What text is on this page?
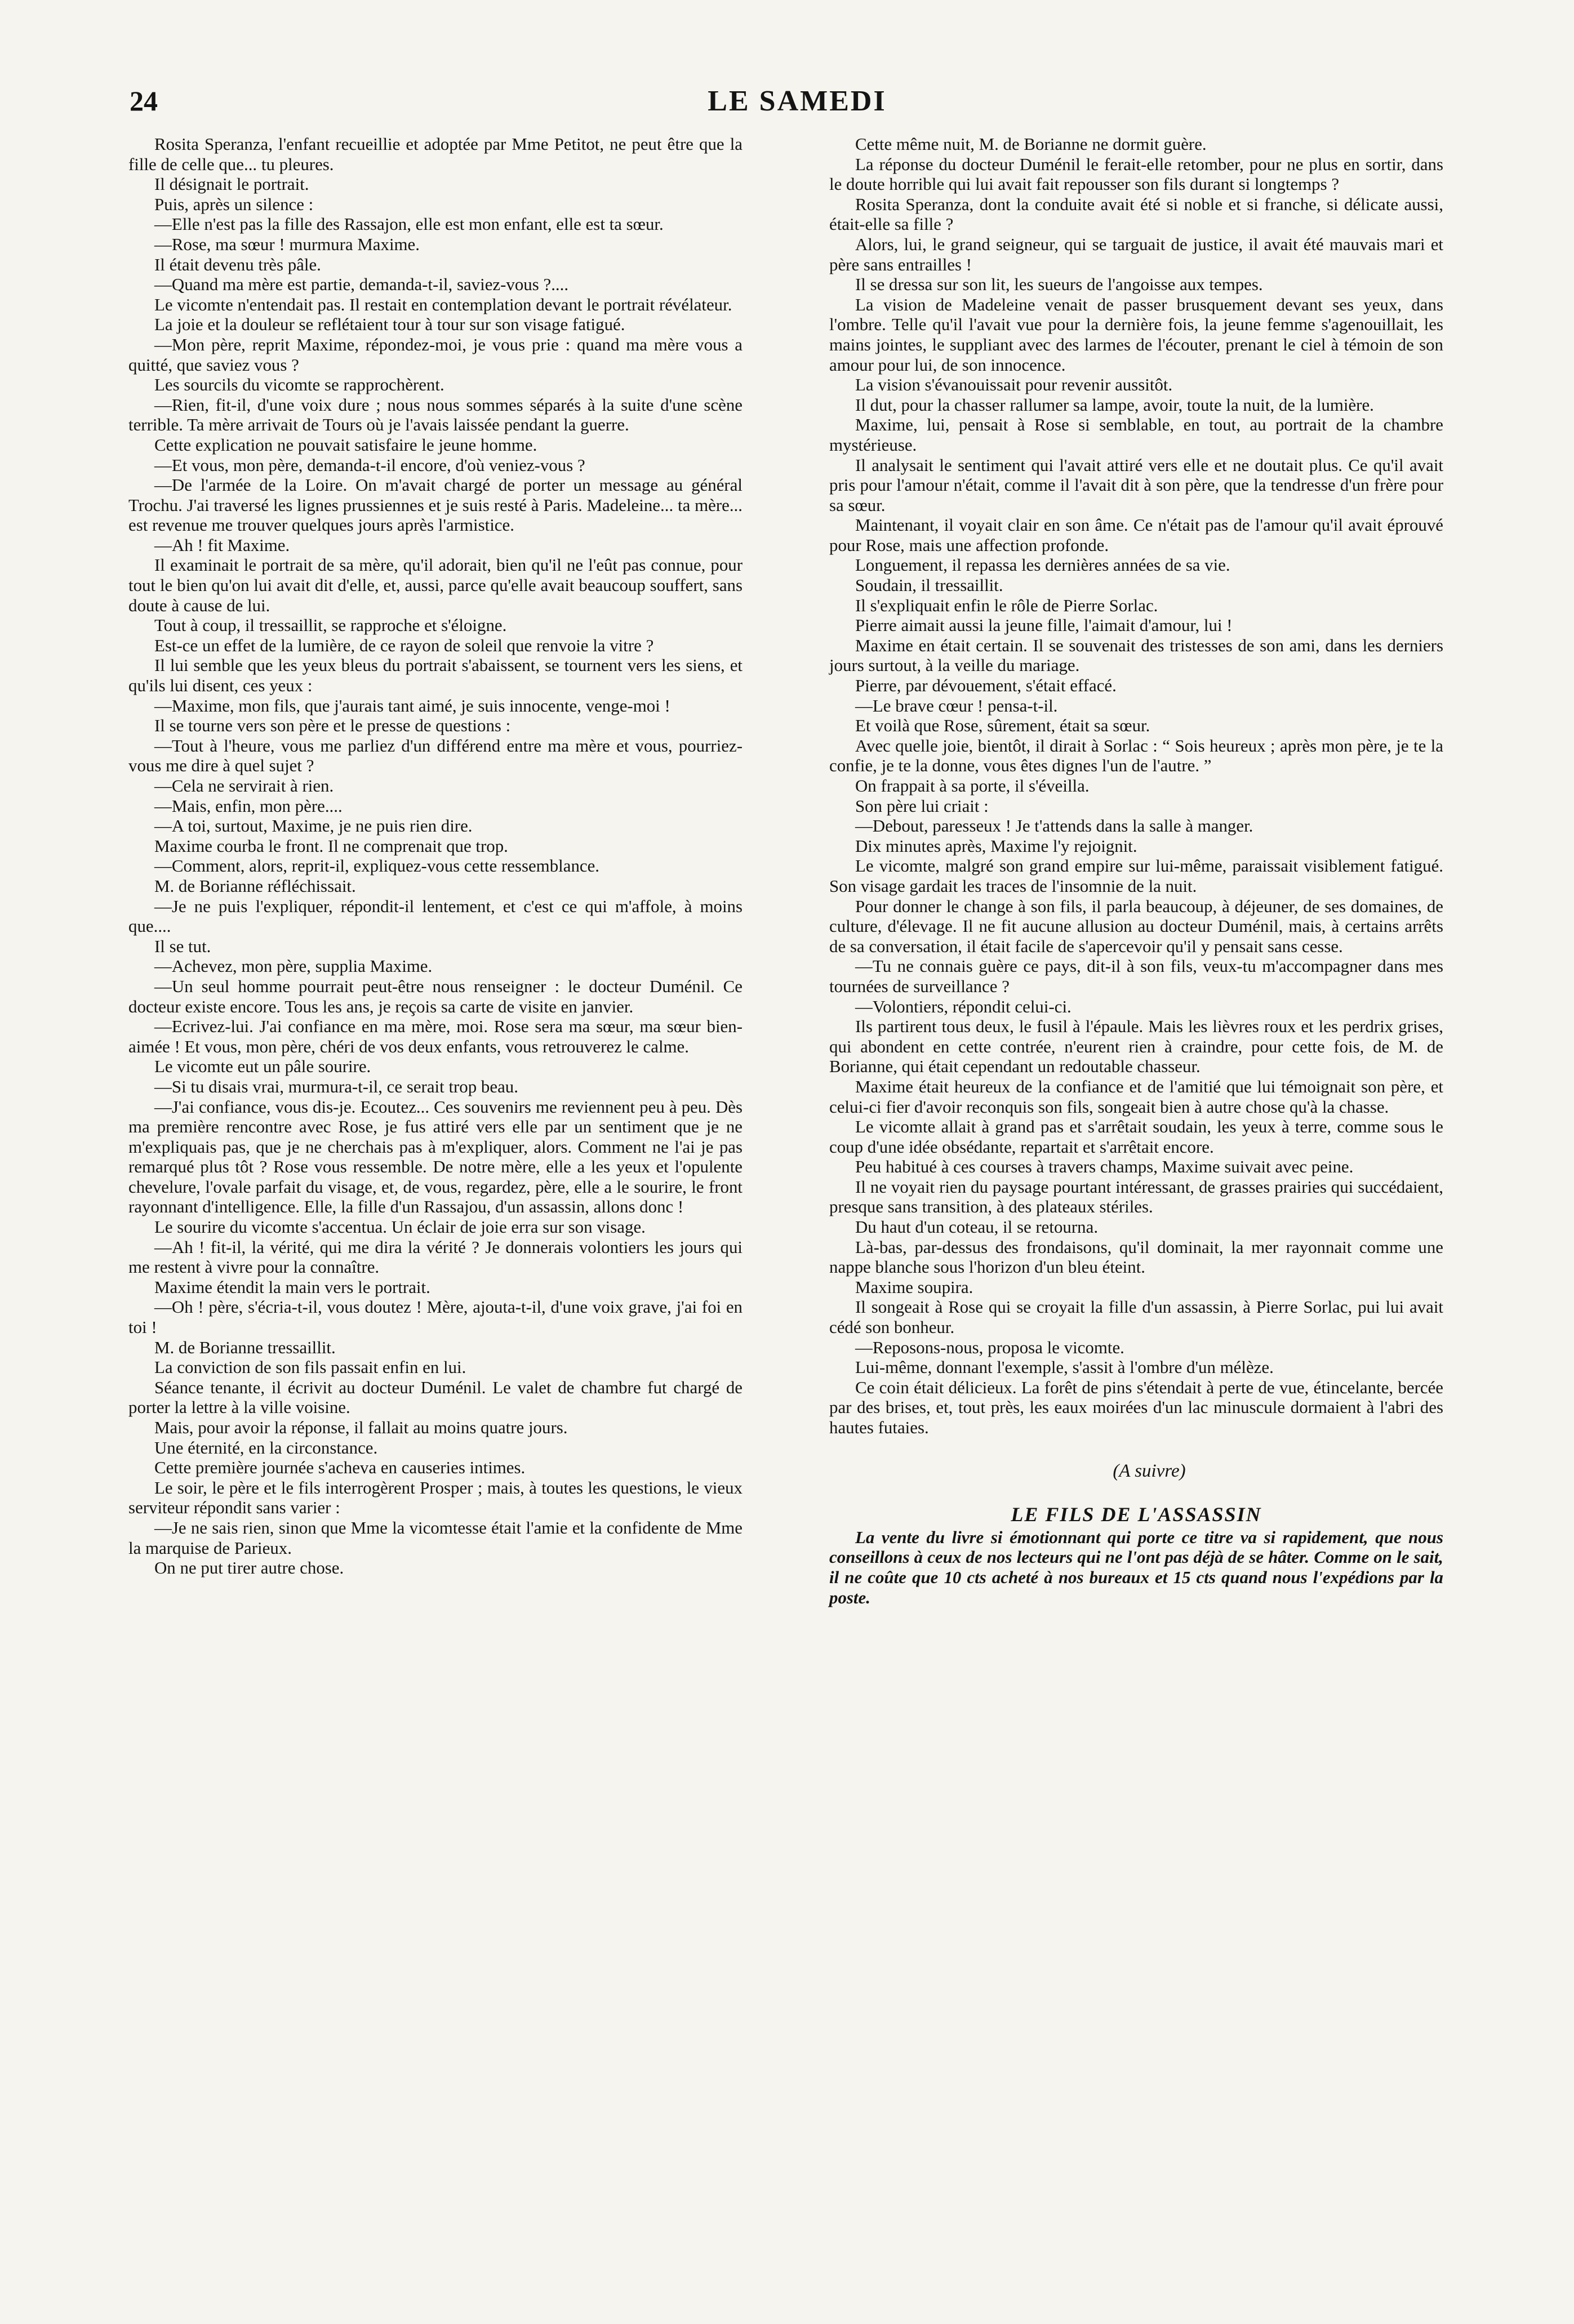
24	LE SAMEDI

Rosita Speranza, l'enfant recueillie et adoptée par Mme Petitot, ne peut être que la fille de celle que... tu pleures.

Il désignait le portrait.

Puis, après un silence :

—Elle n'est pas la fille des Rassajon, elle est mon enfant, elle est ta sœur.

—Rose, ma sœur ! murmura Maxime.

Il était devenu très pâle.

—Quand ma mère est partie, demanda-t-il, saviez-vous ?....

Le vicomte n'entendait pas. Il restait en contemplation devant le portrait révélateur.

La joie et la douleur se reflétaient tour à tour sur son visage fatigué.

—Mon père, reprit Maxime, répondez-moi, je vous prie : quand ma mère vous a quitté, que saviez vous ?

Les sourcils du vicomte se rapprochèrent.

—Rien, fit-il, d'une voix dure ; nous nous sommes séparés à la suite d'une scène terrible. Ta mère arrivait de Tours où je l'avais laissée pendant la guerre.

Cette explication ne pouvait satisfaire le jeune homme.

—Et vous, mon père, demanda-t-il encore, d'où veniez-vous ?

—De l'armée de la Loire. On m'avait chargé de porter un message au général Trochu. J'ai traversé les lignes prussiennes et je suis resté à Paris. Madeleine... ta mère... est revenue me trouver quelques jours après l'armistice.

—Ah ! fit Maxime.

Il examinait le portrait de sa mère, qu'il adorait, bien qu'il ne l'eût pas connue, pour tout le bien qu'on lui avait dit d'elle, et, aussi, parce qu'elle avait beaucoup souffert, sans doute à cause de lui.

Tout à coup, il tressaillit, se rapproche et s'éloigne.

Est-ce un effet de la lumière, de ce rayon de soleil que renvoie la vitre ?

Il lui semble que les yeux bleus du portrait s'abaissent, se tournent vers les siens, et qu'ils lui disent, ces yeux :

—Maxime, mon fils, que j'aurais tant aimé, je suis innocente, venge-moi !

Il se tourne vers son père et le presse de questions :

—Tout à l'heure, vous me parliez d'un différend entre ma mère et vous, pourriez-vous me dire à quel sujet ?

—Cela ne servirait à rien.

—Mais, enfin, mon père....

—A toi, surtout, Maxime, je ne puis rien dire.

Maxime courba le front. Il ne comprenait que trop.

—Comment, alors, reprit-il, expliquez-vous cette ressemblance.

M. de Borianne réfléchissait.

—Je ne puis l'expliquer, répondit-il lentement, et c'est ce qui m'affole, à moins que....

Il se tut.

—Achevez, mon père, supplia Maxime.

—Un seul homme pourrait peut-être nous renseigner : le docteur Duménil. Ce docteur existe encore. Tous les ans, je reçois sa carte de visite en janvier.

—Ecrivez-lui. J'ai confiance en ma mère, moi. Rose sera ma sœur, ma sœur bien-aimée ! Et vous, mon père, chéri de vos deux enfants, vous retrouverez le calme.

Le vicomte eut un pâle sourire.

—Si tu disais vrai, murmura-t-il, ce serait trop beau.

—J'ai confiance, vous dis-je. Ecoutez... Ces souvenirs me reviennent peu à peu. Dès ma première rencontre avec Rose, je fus attiré vers elle par un sentiment que je ne m'expliquais pas, que je ne cherchais pas à m'expliquer, alors. Comment ne l'ai je pas remarqué plus tôt ? Rose vous ressemble. De notre mère, elle a les yeux et l'opulente chevelure, l'ovale parfait du visage, et, de vous, regardez, père, elle a le sourire, le front rayonnant d'intelligence. Elle, la fille d'un Rassajou, d'un assassin, allons donc !

Le sourire du vicomte s'accentua. Un éclair de joie erra sur son visage.

—Ah ! fit-il, la vérité, qui me dira la vérité ? Je donnerais volontiers les jours qui me restent à vivre pour la connaître.

Maxime étendit la main vers le portrait.

—Oh ! père, s'écria-t-il, vous doutez ! Mère, ajouta-t-il, d'une voix grave, j'ai foi en toi !

M. de Borianne tressaillit.

La conviction de son fils passait enfin en lui.

Séance tenante, il écrivit au docteur Duménil. Le valet de chambre fut chargé de porter la lettre à la ville voisine.

Mais, pour avoir la réponse, il fallait au moins quatre jours.

Une éternité, en la circonstance.

Cette première journée s'acheva en causeries intimes.

Le soir, le père et le fils interrogèrent Prosper ; mais, à toutes les questions, le vieux serviteur répondit sans varier :

—Je ne sais rien, sinon que Mme la vicomtesse était l'amie et la confidente de Mme la marquise de Parieux.

On ne put tirer autre chose.

Cette même nuit, M. de Borianne ne dormit guère.

La réponse du docteur Duménil le ferait-elle retomber, pour ne plus en sortir, dans le doute horrible qui lui avait fait repousser son fils durant si longtemps ?

Rosita Speranza, dont la conduite avait été si noble et si franche, si délicate aussi, était-elle sa fille ?

Alors, lui, le grand seigneur, qui se targuait de justice, il avait été mauvais mari et père sans entrailles !

Il se dressa sur son lit, les sueurs de l'angoisse aux tempes.

La vision de Madeleine venait de passer brusquement devant ses yeux, dans l'ombre. Telle qu'il l'avait vue pour la dernière fois, la jeune femme s'agenouillait, les mains jointes, le suppliant avec des larmes de l'écouter, prenant le ciel à témoin de son amour pour lui, de son innocence.

La vision s'évanouissait pour revenir aussitôt.

Il dut, pour la chasser rallumer sa lampe, avoir, toute la nuit, de la lumière.

Maxime, lui, pensait à Rose si semblable, en tout, au portrait de la chambre mystérieuse.

Il analysait le sentiment qui l'avait attiré vers elle et ne doutait plus. Ce qu'il avait pris pour l'amour n'était, comme il l'avait dit à son père, que la tendresse d'un frère pour sa sœur.

Maintenant, il voyait clair en son âme. Ce n'était pas de l'amour qu'il avait éprouvé pour Rose, mais une affection profonde.

Longuement, il repassa les dernières années de sa vie.

Soudain, il tressaillit.

Il s'expliquait enfin le rôle de Pierre Sorlac.

Pierre aimait aussi la jeune fille, l'aimait d'amour, lui !

Maxime en était certain. Il se souvenait des tristesses de son ami, dans les derniers jours surtout, à la veille du mariage.

Pierre, par dévouement, s'était effacé.

—Le brave cœur ! pensa-t-il.

Et voilà que Rose, sûrement, était sa sœur.

Avec quelle joie, bientôt, il dirait à Sorlac : “ Sois heureux ; après mon père, je te la confie, je te la donne, vous êtes dignes l'un de l'autre. ”

On frappait à sa porte, il s'éveilla.

Son père lui criait :

—Debout, paresseux ! Je t'attends dans la salle à manger.

Dix minutes après, Maxime l'y rejoignit.

Le vicomte, malgré son grand empire sur lui-même, paraissait visiblement fatigué. Son visage gardait les traces de l'insomnie de la nuit.

Pour donner le change à son fils, il parla beaucoup, à déjeuner, de ses domaines, de culture, d'élevage. Il ne fit aucune allusion au docteur Duménil, mais, à certains arrêts de sa conversation, il était facile de s'apercevoir qu'il y pensait sans cesse.

—Tu ne connais guère ce pays, dit-il à son fils, veux-tu m'accompagner dans mes tournées de surveillance ?

—Volontiers, répondit celui-ci.

Ils partirent tous deux, le fusil à l'épaule. Mais les lièvres roux et les perdrix grises, qui abondent en cette contrée, n'eurent rien à craindre, pour cette fois, de M. de Borianne, qui était cependant un redoutable chasseur.

Maxime était heureux de la confiance et de l'amitié que lui témoignait son père, et celui-ci fier d'avoir reconquis son fils, songeait bien à autre chose qu'à la chasse.

Le vicomte allait à grand pas et s'arrêtait soudain, les yeux à terre, comme sous le coup d'une idée obsédante, repartait et s'arrêtait encore.

Peu habitué à ces courses à travers champs, Maxime suivait avec peine.

Il ne voyait rien du paysage pourtant intéressant, de grasses prairies qui succédaient, presque sans transition, à des plateaux stériles.

Du haut d'un coteau, il se retourna.

Là-bas, par-dessus des frondaisons, qu'il dominait, la mer rayonnait comme une nappe blanche sous l'horizon d'un bleu éteint.

Maxime soupira.

Il songeait à Rose qui se croyait la fille d'un assassin, à Pierre Sorlac, pui lui avait cédé son bonheur.

—Reposons-nous, proposa le vicomte.

Lui-même, donnant l'exemple, s'assit à l'ombre d'un mélèze.

Ce coin était délicieux. La forêt de pins s'étendait à perte de vue, étincelante, bercée par des brises, et, tout près, les eaux moirées d'un lac minuscule dormaient à l'abri des hautes futaies.

(A suivre)

LE FILS DE L'ASSASSIN

La vente du livre si émotionnant qui porte ce titre va si rapidement, que nous conseillons à ceux de nos lecteurs qui ne l'ont pas déjà de se hâter. Comme on le sait, il ne coûte que 10 cts acheté à nos bureaux et 15 cts quand nous l'expédions par la poste.
